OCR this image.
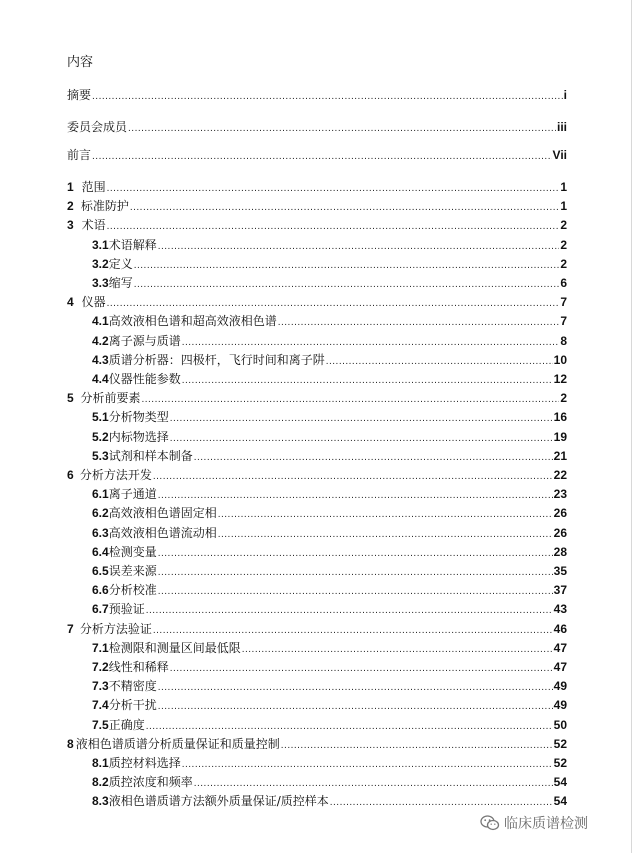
内容
摘要 .....	i
委员会成员 .....	iii
前言 .....	Vii
1 范围 .....	1
2 标准防护 .....	1
3 术语 .....	2
3.1 术语解释 .....	2
3.2 定义 .....	2
3.3 缩写 .....	6
4 仪器 .....	7
4.1 高效液相色谱和超高效液相色谱 .....	7
4.2 离子源与质谱 .....	8
4.3 质谱分析器：四极杆，飞行时间和离子阱 .....	10
4.4 仪器性能参数 .....	12
5 分析前要素 .....	2
5.1 分析物类型 .....	16
5.2 内标物选择 .....	19
5.3 试剂和样本制备 .....	21
6 分析方法开发 .....	22
6.1 离子通道 .....	23
6.2 高效液相色谱固定相 .....	26
6.3 高效液相色谱流动相 .....	26
6.4 检测变量 .....	28
6.5 误差来源 .....	35
6.6 分析校准 .....	37
6.7 预验证 .....	43
7 分析方法验证 .....	46
7.1 检测限和测量区间最低限 .....	47
7.2 线性和稀释 .....	47
7.3 不精密度 .....	49
7.4 分析干扰 .....	49
7.5 正确度 .....	50
8 液相色谱质谱分析质量保证和质量控制 .....	52
8.1 质控材料选择 .....	52
8.2 质控浓度和频率 .....	54
8.3 液相色谱质谱方法额外质量保证/质控样本 .....	54
临床质谱检测
